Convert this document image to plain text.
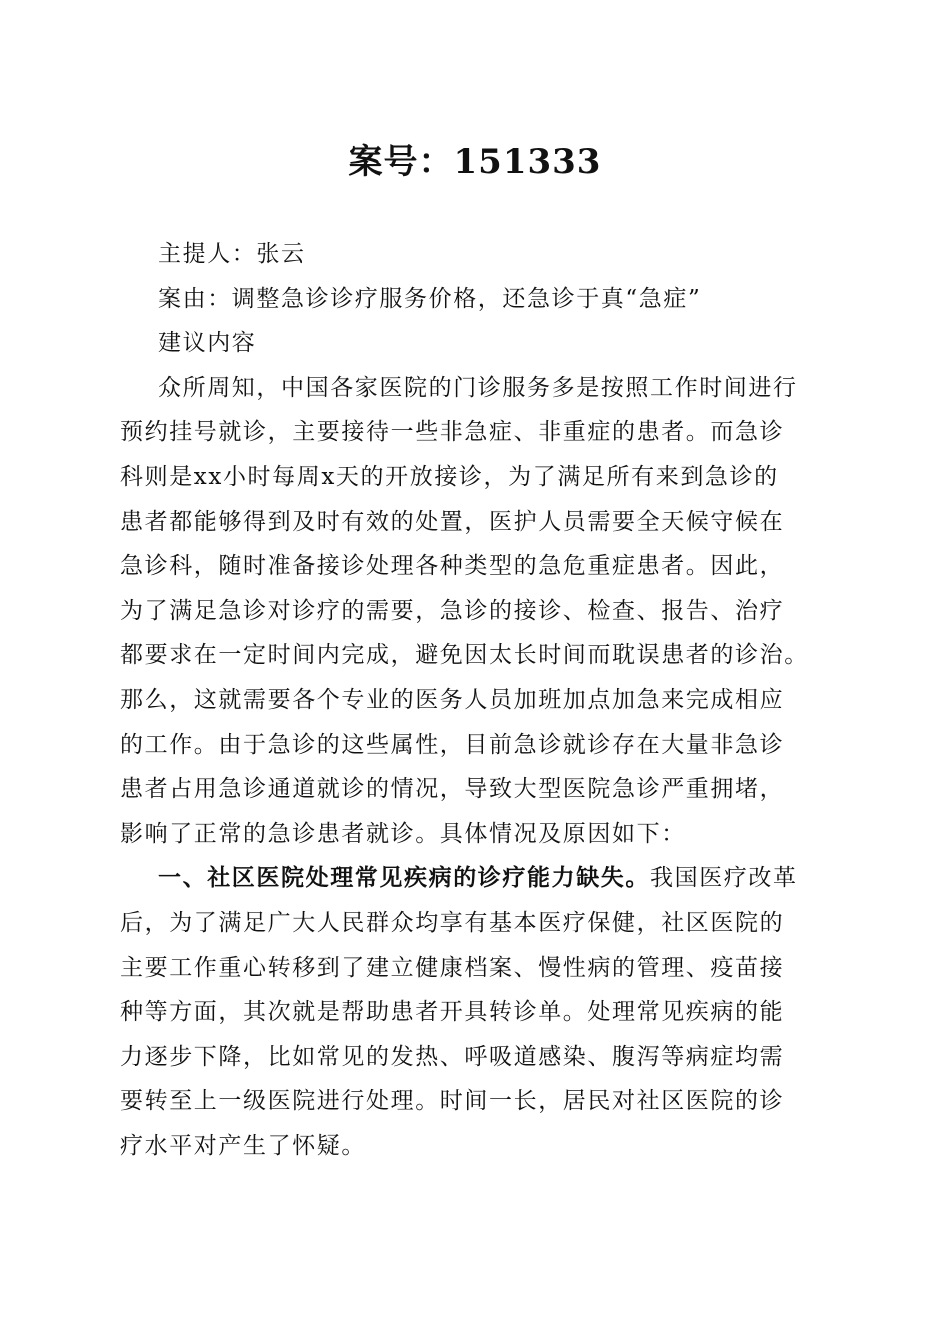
案号：151333
主提人：张云
案由：调整急诊诊疗服务价格，还急诊于真“急症”
建议内容
众所周知，中国各家医院的门诊服务多是按照工作时间进行
预约挂号就诊，主要接待一些非急症、非重症的患者。而急诊
科则是xx小时每周x天的开放接诊，为了满足所有来到急诊的
患者都能够得到及时有效的处置，医护人员需要全天候守候在
急诊科，随时准备接诊处理各种类型的急危重症患者。因此，
为了满足急诊对诊疗的需要，急诊的接诊、检查、报告、治疗
都要求在一定时间内完成，避免因太长时间而耽误患者的诊治。
那么，这就需要各个专业的医务人员加班加点加急来完成相应
的工作。由于急诊的这些属性，目前急诊就诊存在大量非急诊
患者占用急诊通道就诊的情况，导致大型医院急诊严重拥堵，
影响了正常的急诊患者就诊。具体情况及原因如下：
一、社区医院处理常见疾病的诊疗能力缺失。我国医疗改革
后，为了满足广大人民群众均享有基本医疗保健，社区医院的
主要工作重心转移到了建立健康档案、慢性病的管理、疫苗接
种等方面，其次就是帮助患者开具转诊单。处理常见疾病的能
力逐步下降，比如常见的发热、呼吸道感染、腹泻等病症均需
要转至上一级医院进行处理。时间一长，居民对社区医院的诊
疗水平对产生了怀疑。
